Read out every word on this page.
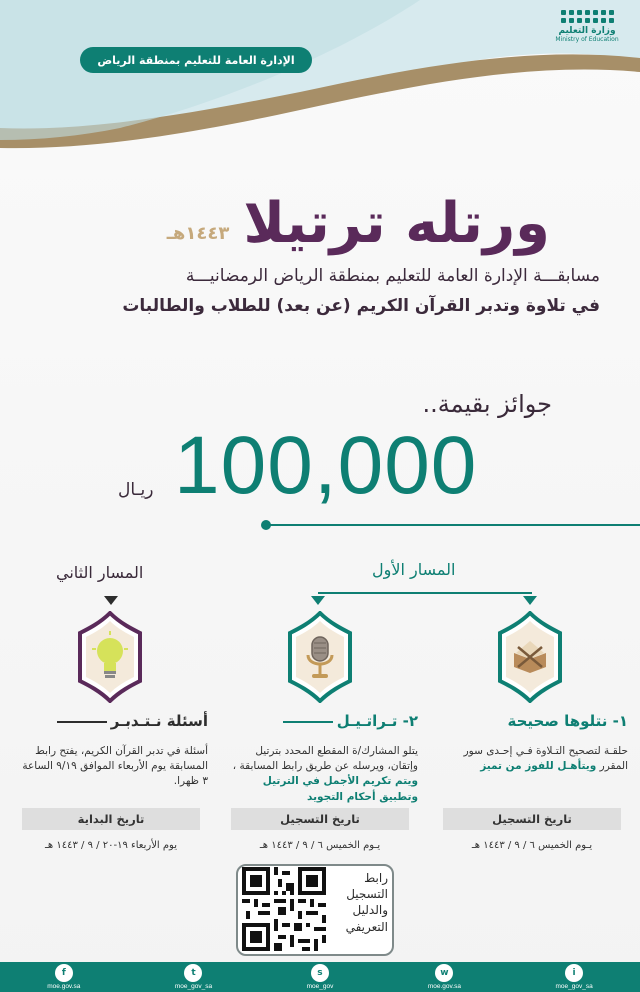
وزارة التعليم
Ministry of Education
الإدارة العامة للتعليم بمنطقة الرياض
ورتله ترتيلا
١٤٤٣هـ
مسابقـــة الإدارة العامة للتعليم بمنطقة الرياض الرمضانيـــة
في تلاوة وتدبر القرآن الكريم (عن بعد) للطلاب والطالبات
جوائز بقيمة..
100,000
ريـال
المسار الأول
المسار الثاني
١- نتلوها صحيحة

حلقـة لتصحيح التـلاوة فـي إحـدى سور المقرر ويتأهـل للفوز من تميز

٢- تـراتـيـل

يتلو المشارك/ة المقطع المحدد بترتيل وإتقان، ويرسله عن طريق رابط المسابقة ، ويتم تكريم الأجمل في الترتيل وتطبيق أحكام التجويد

أسئلة نـتـدبـر

أسئلة في تدبر القرآن الكريم، يفتح رابط المسابقة يوم الأربعاء الموافق ٩/١٩ الساعة ٣ ظهرا.

تاريخ التسجيل
يـوم الخميس ٦ / ٩ / ١٤٤٣ هـ
تاريخ التسجيل
يـوم الخميس ٦ / ٩ / ١٤٤٣ هـ
تاريخ البداية
يوم الأربعاء ١٩-٢٠ / ٩ / ١٤٤٣ هـ
رابط التسجيل
والدليل التعريفي
f
moe.gov.sa
t
moe_gov_sa
s
moe_gov
w
moe.gov.sa
i
moe_gov_sa
